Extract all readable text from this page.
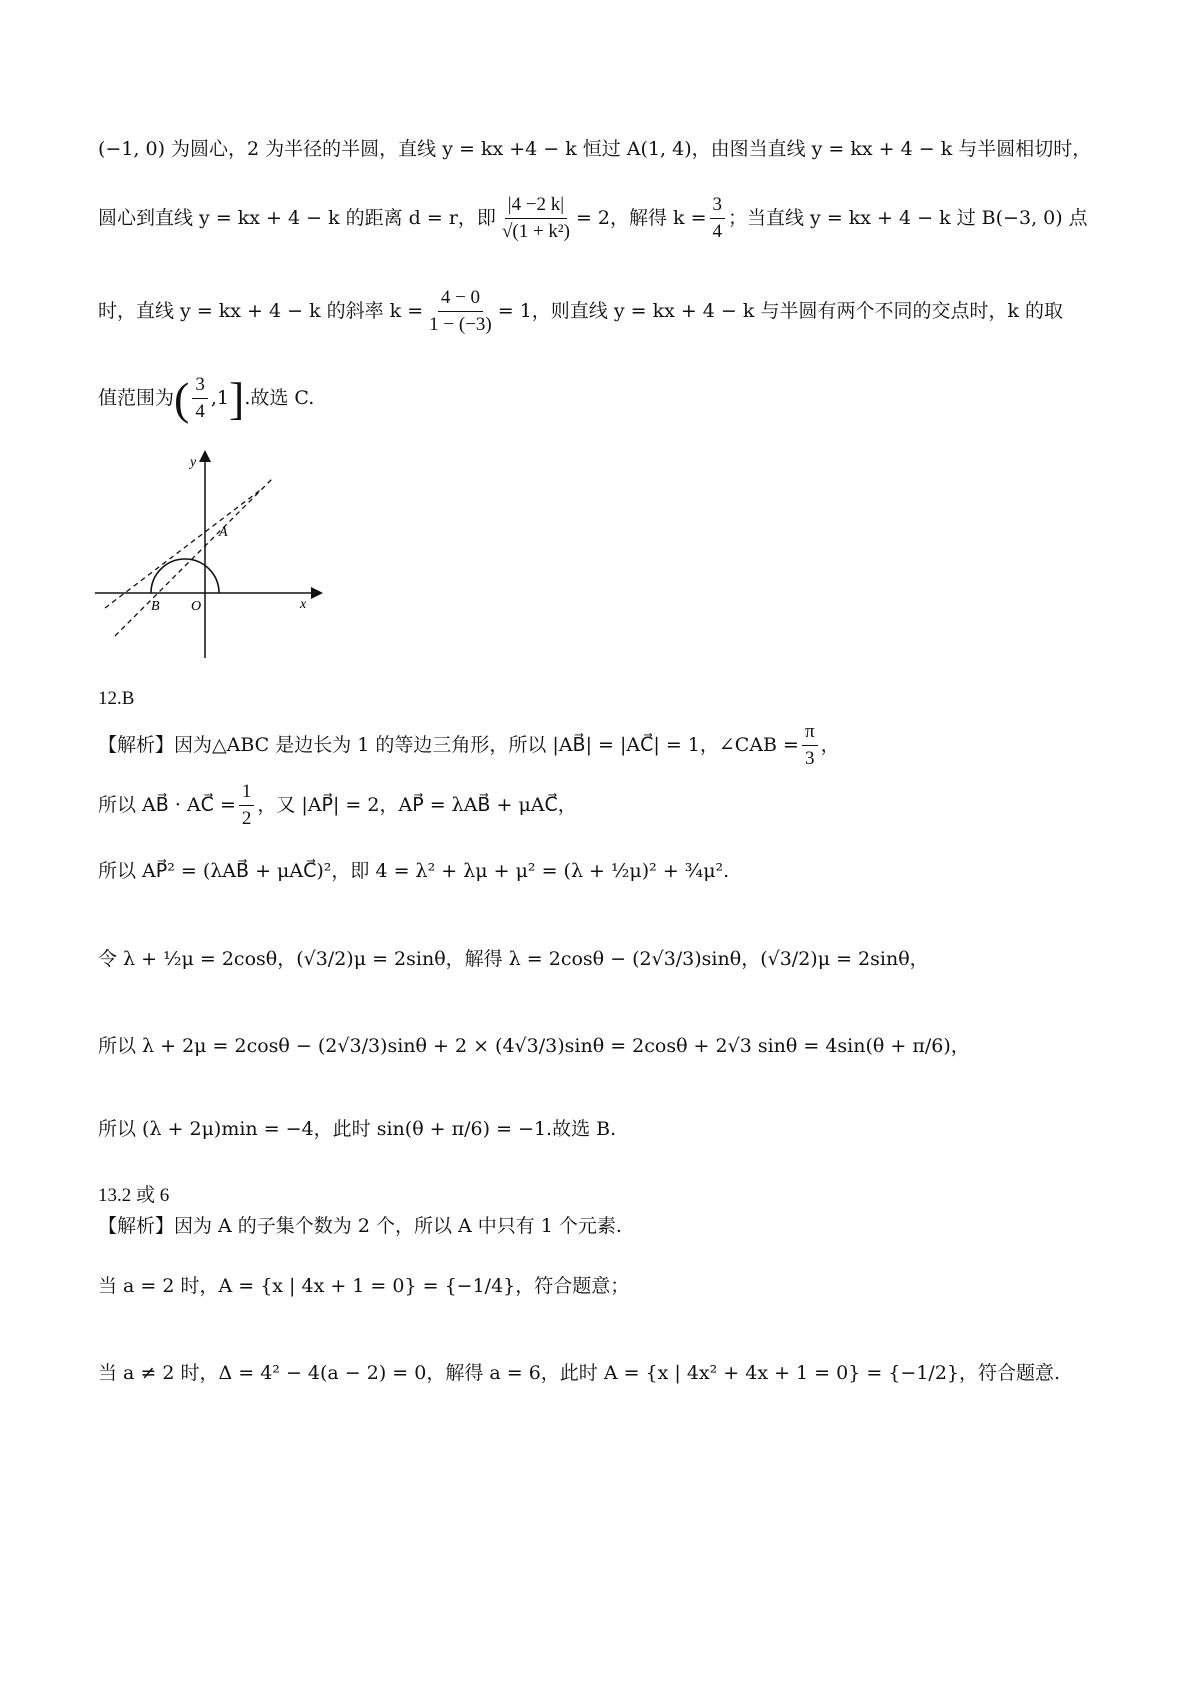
(−1, 0) 为圆心，2 为半径的半圆，直线 y = kx +4 − k 恒过 A(1, 4)，由图当直线 y = kx + 4 − k 与半圆相切时，
圆心到直线 y = kx + 4 − k 的距离 d = r，即 $\frac{|4 -2 k|}{\text{√(1 + k²)}} = 2$，解得 $k = \frac{3}{4}$ ；当直线 y = kx + 4 − k 过 B(−3, 0) 点
时，直线 y = kx + 4 − k 的斜率 $k = \frac{4 - 0}{1 - (-3)} = 1$，则直线 y = kx + 4 − k 与半圆有两个不同的交点时，k 的取
值范围为 ( $\frac{3}{4} ,1$ ] .故选 C.
y
x
A
B O
12.B
【解析】因为△ABC 是边长为 1 的等边三角形，所以 |AB⃗| = |AC⃗| = 1，∠CAB = $\frac{\pi}{3}$ ，
所以 AB⃗ · AC⃗ = $\frac{1}{2}$ ，又 |AP⃗| = 2，AP⃗ = λAB⃗ + μAC⃗，
所以 AP⃗² = (λAB⃗ + μAC⃗)²，即 4 = λ² + λμ + μ² = (λ + ½μ)² + ¾μ².
令 λ + ½μ = 2cosθ，(√3/2)μ = 2sinθ，解得 λ = 2cosθ − (2√3/3)sinθ，(√3/2)μ = 2sinθ，
所以 λ + 2μ = 2cosθ − (2√3/3)sinθ + 2 × (4√3/3)sinθ = 2cosθ + 2√3 sinθ = 4sin(θ + π/6)，
所以 (λ + 2μ)min = −4，此时 sin(θ + π/6) = −1.故选 B.
13.2 或 6
【解析】因为 A 的子集个数为 2 个，所以 A 中只有 1 个元素.
当 a = 2 时，A = {x | 4x + 1 = 0} = {−1/4}，符合题意；
当 a ≠ 2 时，Δ = 4² − 4(a − 2) = 0，解得 a = 6，此时 A = {x | 4x² + 4x + 1 = 0} = {−1/2}，符合题意.
